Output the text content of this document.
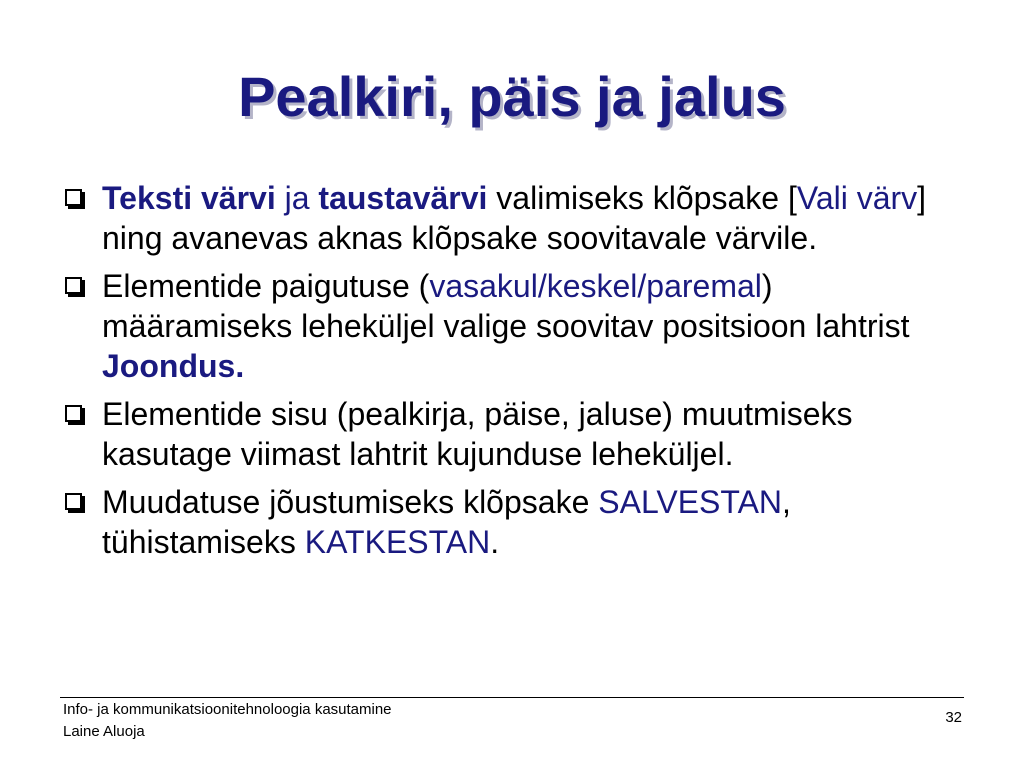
Pealkiri, päis ja jalus
Teksti värvi ja taustavärvi valimiseks klõpsake [Vali värv] ning avanevas aknas klõpsake soovitavale värvile.
Elementide paigutuse (vasakul/keskel/paremal) määramiseks leheküljel valige soovitav positsioon lahtrist Joondus.
Elementide sisu (pealkirja, päise, jaluse) muutmiseks kasutage viimast lahtrit kujunduse leheküljel.
Muudatuse jõustumiseks klõpsake SALVESTAN, tühistamiseks KATKESTAN.
Info- ja kommunikatsioonitehnoloogia kasutamine
Laine Aluoja
32
